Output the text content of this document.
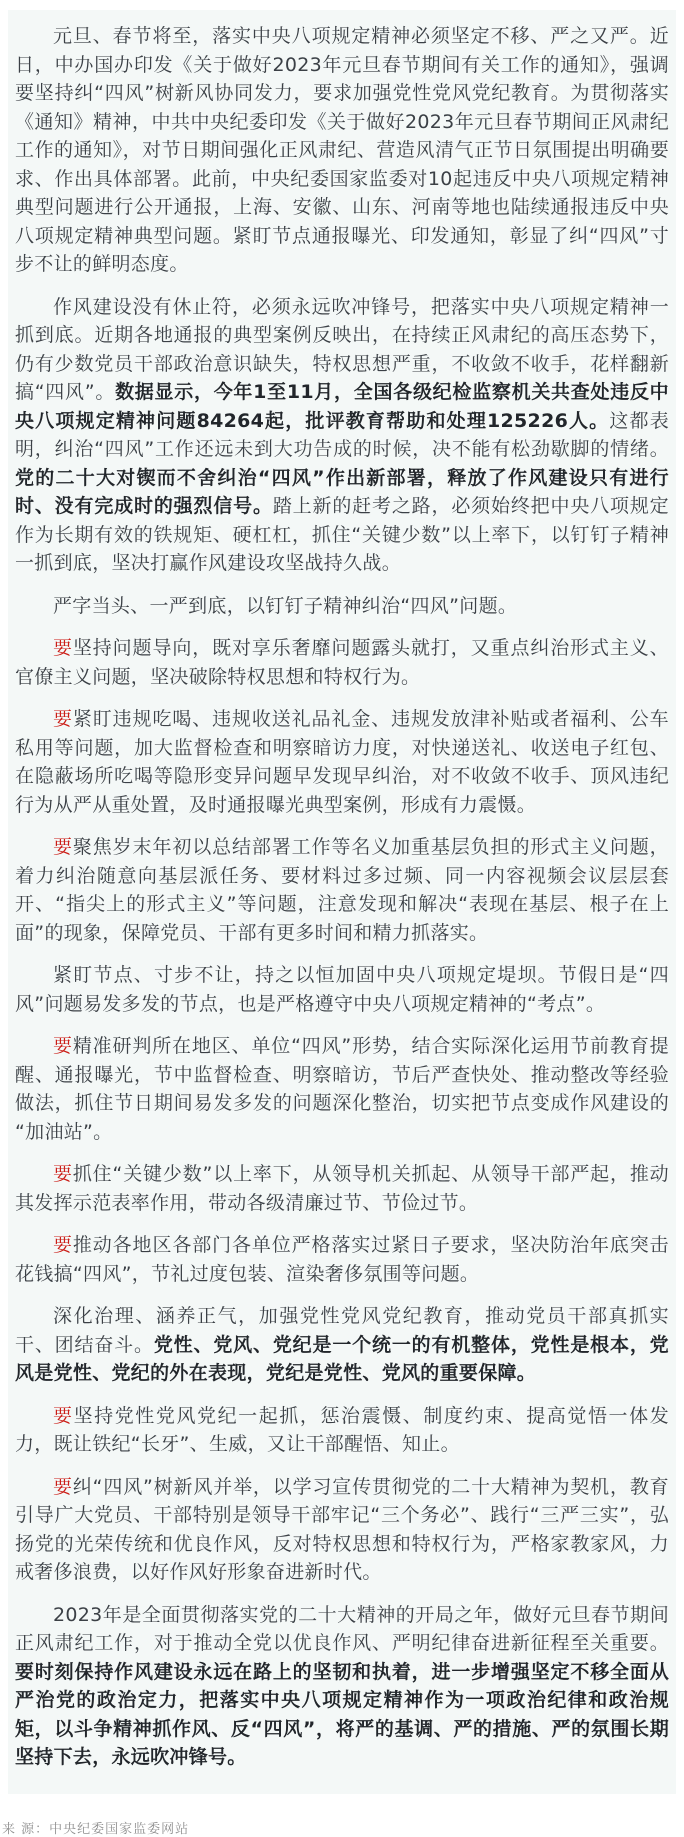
元旦、春节将至，落实中央八项规定精神必须坚定不移、严之又严。近日，中办国办印发《关于做好2023年元旦春节期间有关工作的通知》，强调要坚持纠“四风”树新风协同发力，要求加强党性党风党纪教育。为贯彻落实《通知》精神，中共中央纪委印发《关于做好2023年元旦春节期间正风肃纪工作的通知》，对节日期间强化正风肃纪、营造风清气正节日氛围提出明确要求、作出具体部署。此前，中央纪委国家监委对10起违反中央八项规定精神典型问题进行公开通报，上海、安徽、山东、河南等地也陆续通报违反中央八项规定精神典型问题。紧盯节点通报曝光、印发通知，彰显了纠“四风”寸步不让的鲜明态度。

作风建设没有休止符，必须永远吹冲锋号，把落实中央八项规定精神一抓到底。近期各地通报的典型案例反映出，在持续正风肃纪的高压态势下，仍有少数党员干部政治意识缺失，特权思想严重，不收敛不收手，花样翻新搞“四风”。数据显示，今年1至11月，全国各级纪检监察机关共查处违反中央八项规定精神问题84264起，批评教育帮助和处理125226人。这都表明，纠治“四风”工作还远未到大功告成的时候，决不能有松劲歇脚的情绪。党的二十大对锲而不舍纠治“四风”作出新部署，释放了作风建设只有进行时、没有完成时的强烈信号。踏上新的赶考之路，必须始终把中央八项规定作为长期有效的铁规矩、硬杠杠，抓住“关键少数”以上率下，以钉钉子精神一抓到底，坚决打赢作风建设攻坚战持久战。

严字当头、一严到底，以钉钉子精神纠治“四风”问题。

要坚持问题导向，既对享乐奢靡问题露头就打，又重点纠治形式主义、官僚主义问题，坚决破除特权思想和特权行为。

要紧盯违规吃喝、违规收送礼品礼金、违规发放津补贴或者福利、公车私用等问题，加大监督检查和明察暗访力度，对快递送礼、收送电子红包、在隐蔽场所吃喝等隐形变异问题早发现早纠治，对不收敛不收手、顶风违纪行为从严从重处置，及时通报曝光典型案例，形成有力震慑。

要聚焦岁末年初以总结部署工作等名义加重基层负担的形式主义问题，着力纠治随意向基层派任务、要材料过多过频、同一内容视频会议层层套开、“指尖上的形式主义”等问题，注意发现和解决“表现在基层、根子在上面”的现象，保障党员、干部有更多时间和精力抓落实。

紧盯节点、寸步不让，持之以恒加固中央八项规定堤坝。节假日是“四风”问题易发多发的节点，也是严格遵守中央八项规定精神的“考点”。

要精准研判所在地区、单位“四风”形势，结合实际深化运用节前教育提醒、通报曝光，节中监督检查、明察暗访，节后严查快处、推动整改等经验做法，抓住节日期间易发多发的问题深化整治，切实把节点变成作风建设的“加油站”。

要抓住“关键少数”以上率下，从领导机关抓起、从领导干部严起，推动其发挥示范表率作用，带动各级清廉过节、节俭过节。

要推动各地区各部门各单位严格落实过紧日子要求，坚决防治年底突击花钱搞“四风”，节礼过度包装、渲染奢侈氛围等问题。

深化治理、涵养正气，加强党性党风党纪教育，推动党员干部真抓实干、团结奋斗。党性、党风、党纪是一个统一的有机整体，党性是根本，党风是党性、党纪的外在表现，党纪是党性、党风的重要保障。

要坚持党性党风党纪一起抓，惩治震慑、制度约束、提高觉悟一体发力，既让铁纪“长牙”、生威，又让干部醒悟、知止。

要纠“四风”树新风并举，以学习宣传贯彻党的二十大精神为契机，教育引导广大党员、干部特别是领导干部牢记“三个务必”、践行“三严三实”，弘扬党的光荣传统和优良作风，反对特权思想和特权行为，严格家教家风，力戒奢侈浪费，以好作风好形象奋进新时代。

2023年是全面贯彻落实党的二十大精神的开局之年，做好元旦春节期间正风肃纪工作，对于推动全党以优良作风、严明纪律奋进新征程至关重要。要时刻保持作风建设永远在路上的坚韧和执着，进一步增强坚定不移全面从严治党的政治定力，把落实中央八项规定精神作为一项政治纪律和政治规矩，以斗争精神抓作风、反“四风”，将严的基调、严的措施、严的氛围长期坚持下去，永远吹冲锋号。

来 源：中央纪委国家监委网站
